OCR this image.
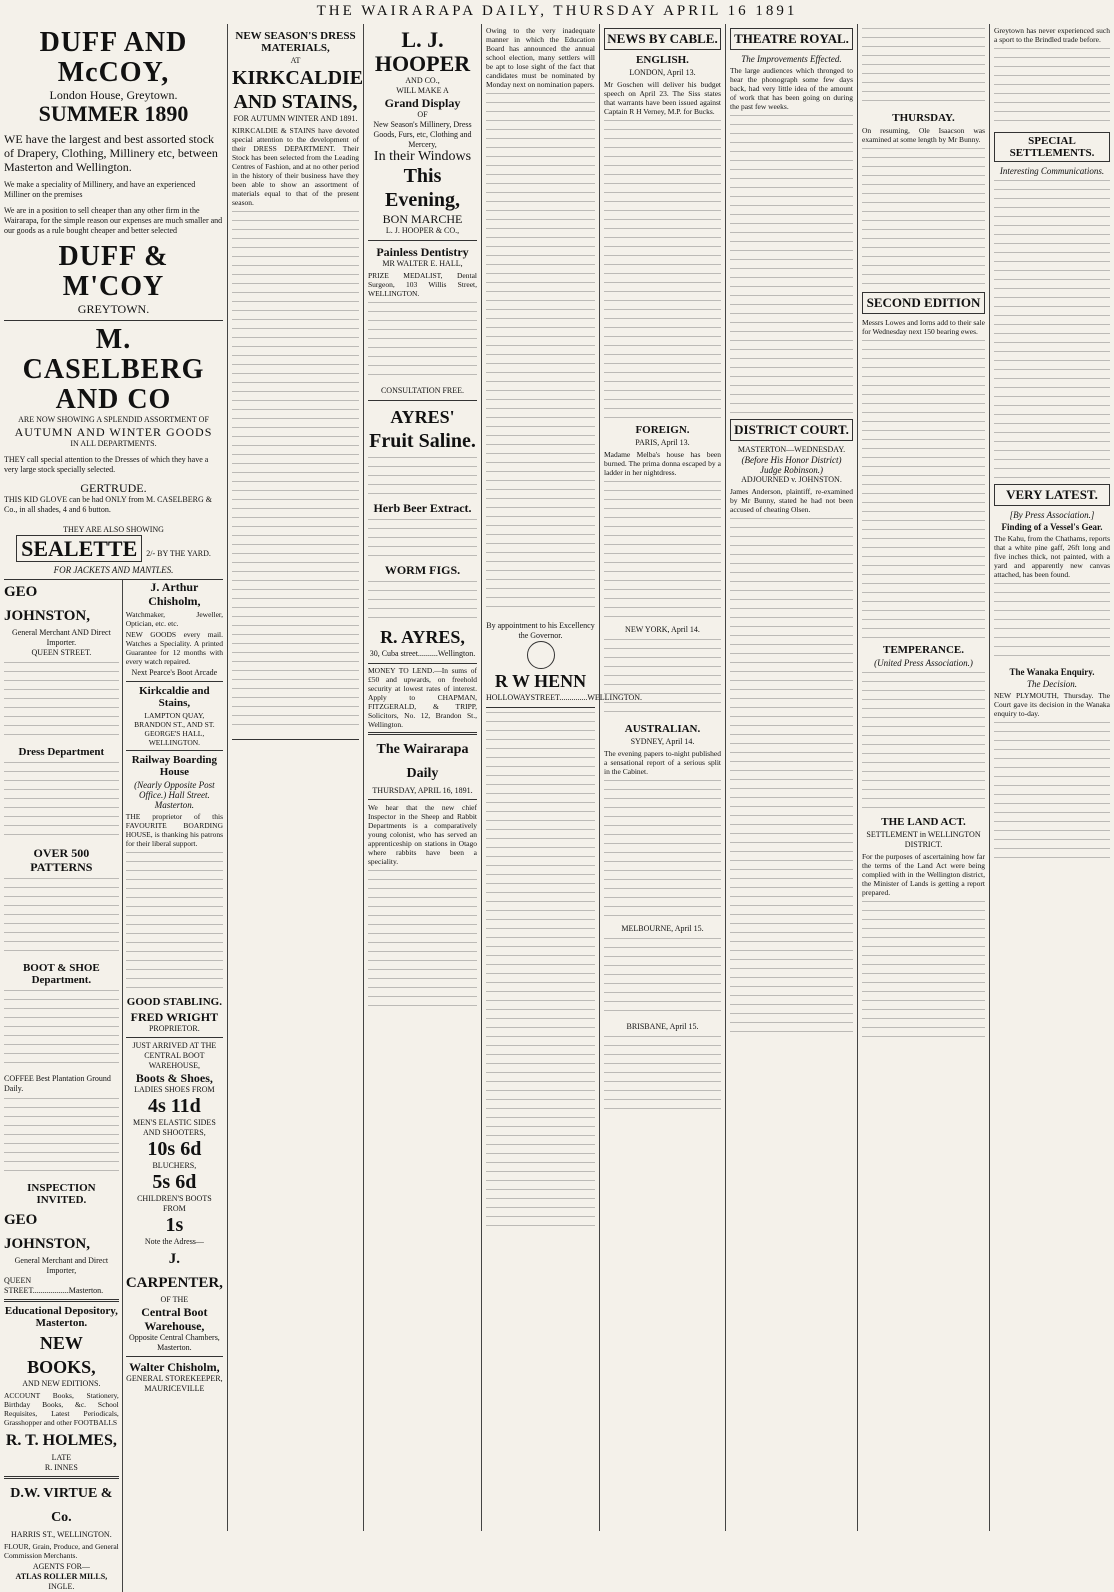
THE WAIRARAPA DAILY, THURSDAY APRIL 16 1891
DUFF AND McCOY,
London House, Greytown.
SUMMER 1890
WE have the largest and best assorted stock of Drapery, Clothing, Millinery etc, between Masterton and Wellington.
We make a speciality of Millinery, and have an experienced Milliner on the premises
We are in a position to sell cheaper than any other firm in the Wairarapa, for the simple reason our expenses are much smaller and our goods as a rule bought cheaper and better selected
DUFF & M'COY
GREYTOWN.
M. CASELBERG AND CO
ARE NOW SHOWING A SPLENDID ASSORTMENT OF
AUTUMN AND WINTER GOODS
IN ALL DEPARTMENTS.
THEY call special attention to the Dresses of which they have a very large stock specially selected.
GERTRUDE.
THIS KID GLOVE can be had ONLY from M. CASELBERG & Co., in all shades, 4 and 6 button.
THEY ARE ALSO SHOWING SEALETTE 2/- BY THE YARD.
FOR JACKETS AND MANTLES.
GEO JOHNSTON,
General Merchant AND Direct Importer.
QUEEN STREET.
Dress Department
OVER 500 PATTERNS
BOOT & SHOE Department.
COFFEE Best Plantation Ground Daily.
INSPECTION INVITED.
GEO JOHNSTON,
General Merchant and Direct Importer,
QUEEN STREET..................Masterton.
Educational Depository, Masterton.
NEW BOOKS,
AND NEW EDITIONS.
ACCOUNT Books, Stationery, Birthday Books, &c. School Requisites, Latest Periodicals, Grasshopper and other FOOTBALLS
R. T. HOLMES,
LATE
R. INNES
D.W. VIRTUE & Co.
HARRIS ST., WELLINGTON.
FLOUR, Grain, Produce, and General Commission Merchants.
AGENTS FOR—
ATLAS ROLLER MILLS,
INGLE.
J. Arthur Chisholm,
Watchmaker, Jeweller, Optician, etc. etc.
NEW GOODS every mail. Watches a Speciality. A printed Guarantee for 12 months with every watch repaired.
Next Pearce's Boot Arcade
Kirkcaldie and Stains,
LAMPTON QUAY, BRANDON ST., AND ST. GEORGE'S HALL, WELLINGTON.
Railway Boarding House
(Nearly Opposite Post Office.) Hall Street. Masterton.
THE proprietor of this FAVOURITE BOARDING HOUSE, is thanking his patrons for their liberal support.
GOOD STABLING.
FRED WRIGHT
PROPRIETOR.
JUST ARRIVED AT THE CENTRAL BOOT WAREHOUSE,
Boots & Shoes,
LADIES SHOES FROM
4s 11d
MEN'S ELASTIC SIDES AND SHOOTERS,
10s 6d
BLUCHERS,
5s 6d
CHILDREN'S BOOTS FROM
1s
Note the Adress—
J. CARPENTER,
OF THE
Central Boot Warehouse,
Opposite Central Chambers, Masterton.
Walter Chisholm,
GENERAL STOREKEEPER, MAURICEVILLE
NEW SEASON'S DRESS MATERIALS,
AT
KIRKCALDIE AND STAINS,
FOR AUTUMN WINTER AND 1891.
KIRKCALDIE & STAINS have devoted special attention to the development of their DRESS DEPARTMENT. Their Stock has been selected from the Leading Centres of Fashion, and at no other period in the history of their business have they been able to show an assortment of materials equal to that of the present season.
L. J. HOOPER
AND CO.,
WILL MAKE A
Grand Display
OF
New Season's Millinery, Dress Goods, Furs, etc, Clothing and Mercery,
In their Windows
This Evening,
BON MARCHE
L. J. HOOPER & CO.,
Painless Dentistry
MR WALTER E. HALL,
PRIZE MEDALIST, Dental Surgeon, 103 Willis Street, WELLINGTON.
CONSULTATION FREE.
AYRES'
Fruit Saline.
Herb Beer Extract.
WORM FIGS.
R. AYRES,
30, Cuba street..........Wellington.
MONEY TO LEND.—In sums of £50 and upwards, on freehold security at lowest rates of interest. Apply to CHAPMAN, FITZGERALD, & TRIPP, Solicitors, No. 12, Brandon St., Wellington.
The Wairarapa Daily
THURSDAY, APRIL 16, 1891.
We hear that the new chief Inspector in the Sheep and Rabbit Departments is a comparatively young colonist, who has served an apprenticeship on stations in Otago where rabbits have been a speciality.
Owing to the very inadequate manner in which the Education Board has announced the annual school election, many settlers will be apt to lose sight of the fact that candidates must be nominated by Monday next on nomination papers.
By appointment to his Excellency the Governor.
R W HENN
HOLLOWAYSTREET..............WELLINGTON.
NEWS BY CABLE.
ENGLISH.
LONDON, April 13.
Mr Goschen will deliver his budget speech on April 23. The Siss states that warrants have been issued against Captain R H Verney, M.P. for Bucks.
FOREIGN.
PARIS, April 13.
Madame Melba's house has been burned. The prima donna escaped by a ladder in her nightdress.
NEW YORK, April 14.
AUSTRALIAN.
SYDNEY, April 14.
The evening papers to-night published a sensational report of a serious split in the Cabinet.
MELBOURNE, April 15.
BRISBANE, April 15.
THEATRE ROYAL.
The Improvements Effected.
The large audiences which thronged to hear the phonograph some few days back, had very little idea of the amount of work that has been going on during the past few weeks.
DISTRICT COURT.
MASTERTON—WEDNESDAY.
(Before His Honor District) Judge Robinson.)
ADJOURNED v. JOHNSTON.
James Anderson, plaintiff, re-examined by Mr Bunny, stated he had not been accused of cheating Olsen.
THURSDAY.
On resuming, Ole Isaacson was examined at some length by Mr Bunny.
SECOND EDITION
Messrs Lowes and Iorns add to their sale for Wednesday next 150 bearing ewes.
TEMPERANCE.
(United Press Association.)
THE LAND ACT.
SETTLEMENT in WELLINGTON DISTRICT.
For the purposes of ascertaining how far the terms of the Land Act were being complied with in the Wellington district, the Minister of Lands is getting a report prepared.
Greytown has never experienced such a sport to the Brindled trade before.
SPECIAL SETTLEMENTS.
Interesting Communications.
VERY LATEST.
[By Press Association.]
Finding of a Vessel's Gear.
The Kahu, from the Chathams, reports that a white pine gaff, 26ft long and five inches thick, not painted, with a yard and apparently new canvas attached, has been found.
The Wanaka Enquiry.
The Decision.
NEW PLYMOUTH, Thursday. The Court gave its decision in the Wanaka enquiry to-day.
